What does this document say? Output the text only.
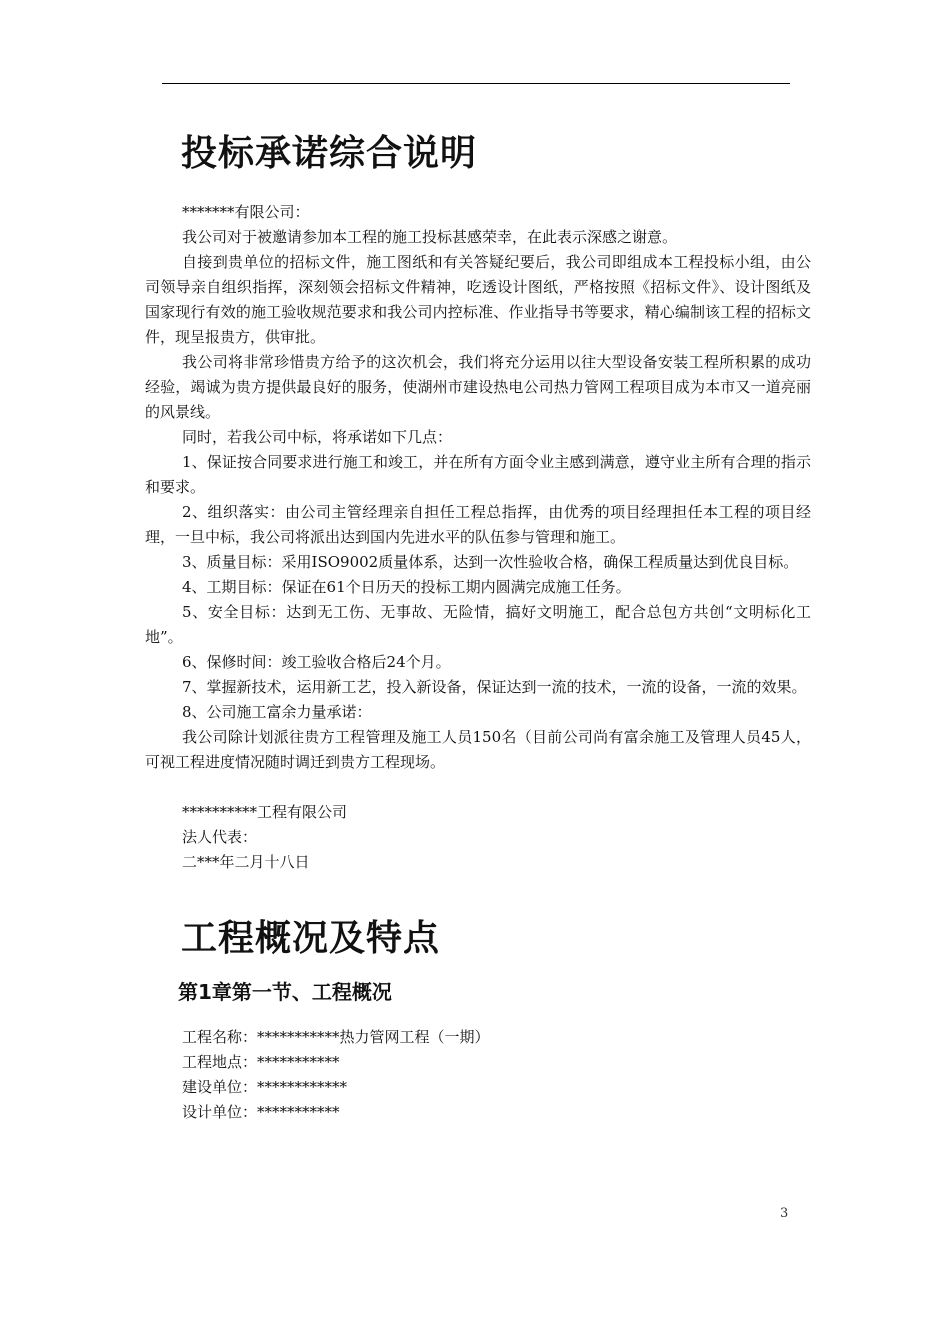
投标承诺综合说明

*******有限公司：

我公司对于被邀请参加本工程的施工投标甚感荣幸，在此表示深感之谢意。

自接到贵单位的招标文件，施工图纸和有关答疑纪要后，我公司即组成本工程投标小组，由公司领导亲自组织指挥，深刻领会招标文件精神，吃透设计图纸，严格按照《招标文件》、设计图纸及国家现行有效的施工验收规范要求和我公司内控标准、作业指导书等要求，精心编制该工程的招标文件，现呈报贵方，供审批。

我公司将非常珍惜贵方给予的这次机会，我们将充分运用以往大型设备安装工程所积累的成功经验，竭诚为贵方提供最良好的服务，使湖州市建设热电公司热力管网工程项目成为本市又一道亮丽的风景线。

同时，若我公司中标，将承诺如下几点：

1、保证按合同要求进行施工和竣工，并在所有方面令业主感到满意，遵守业主所有合理的指示和要求。

2、组织落实：由公司主管经理亲自担任工程总指挥，由优秀的项目经理担任本工程的项目经理，一旦中标，我公司将派出达到国内先进水平的队伍参与管理和施工。

3、质量目标：采用ISO9002质量体系，达到一次性验收合格，确保工程质量达到优良目标。

4、工期目标：保证在61个日历天的投标工期内圆满完成施工任务。

5、安全目标：达到无工伤、无事故、无险情，搞好文明施工，配合总包方共创“文明标化工地”。

6、保修时间：竣工验收合格后24个月。

7、掌握新技术，运用新工艺，投入新设备，保证达到一流的技术，一流的设备，一流的效果。

8、公司施工富余力量承诺：

我公司除计划派往贵方工程管理及施工人员150名（目前公司尚有富余施工及管理人员45人，可视工程进度情况随时调迁到贵方工程现场。

**********工程有限公司

法人代表：

二***年二月十八日

工程概况及特点
第1章第一节、工程概况

工程名称：***********热力管网工程（一期）

工程地点：***********

建设单位：************

设计单位：***********

3
